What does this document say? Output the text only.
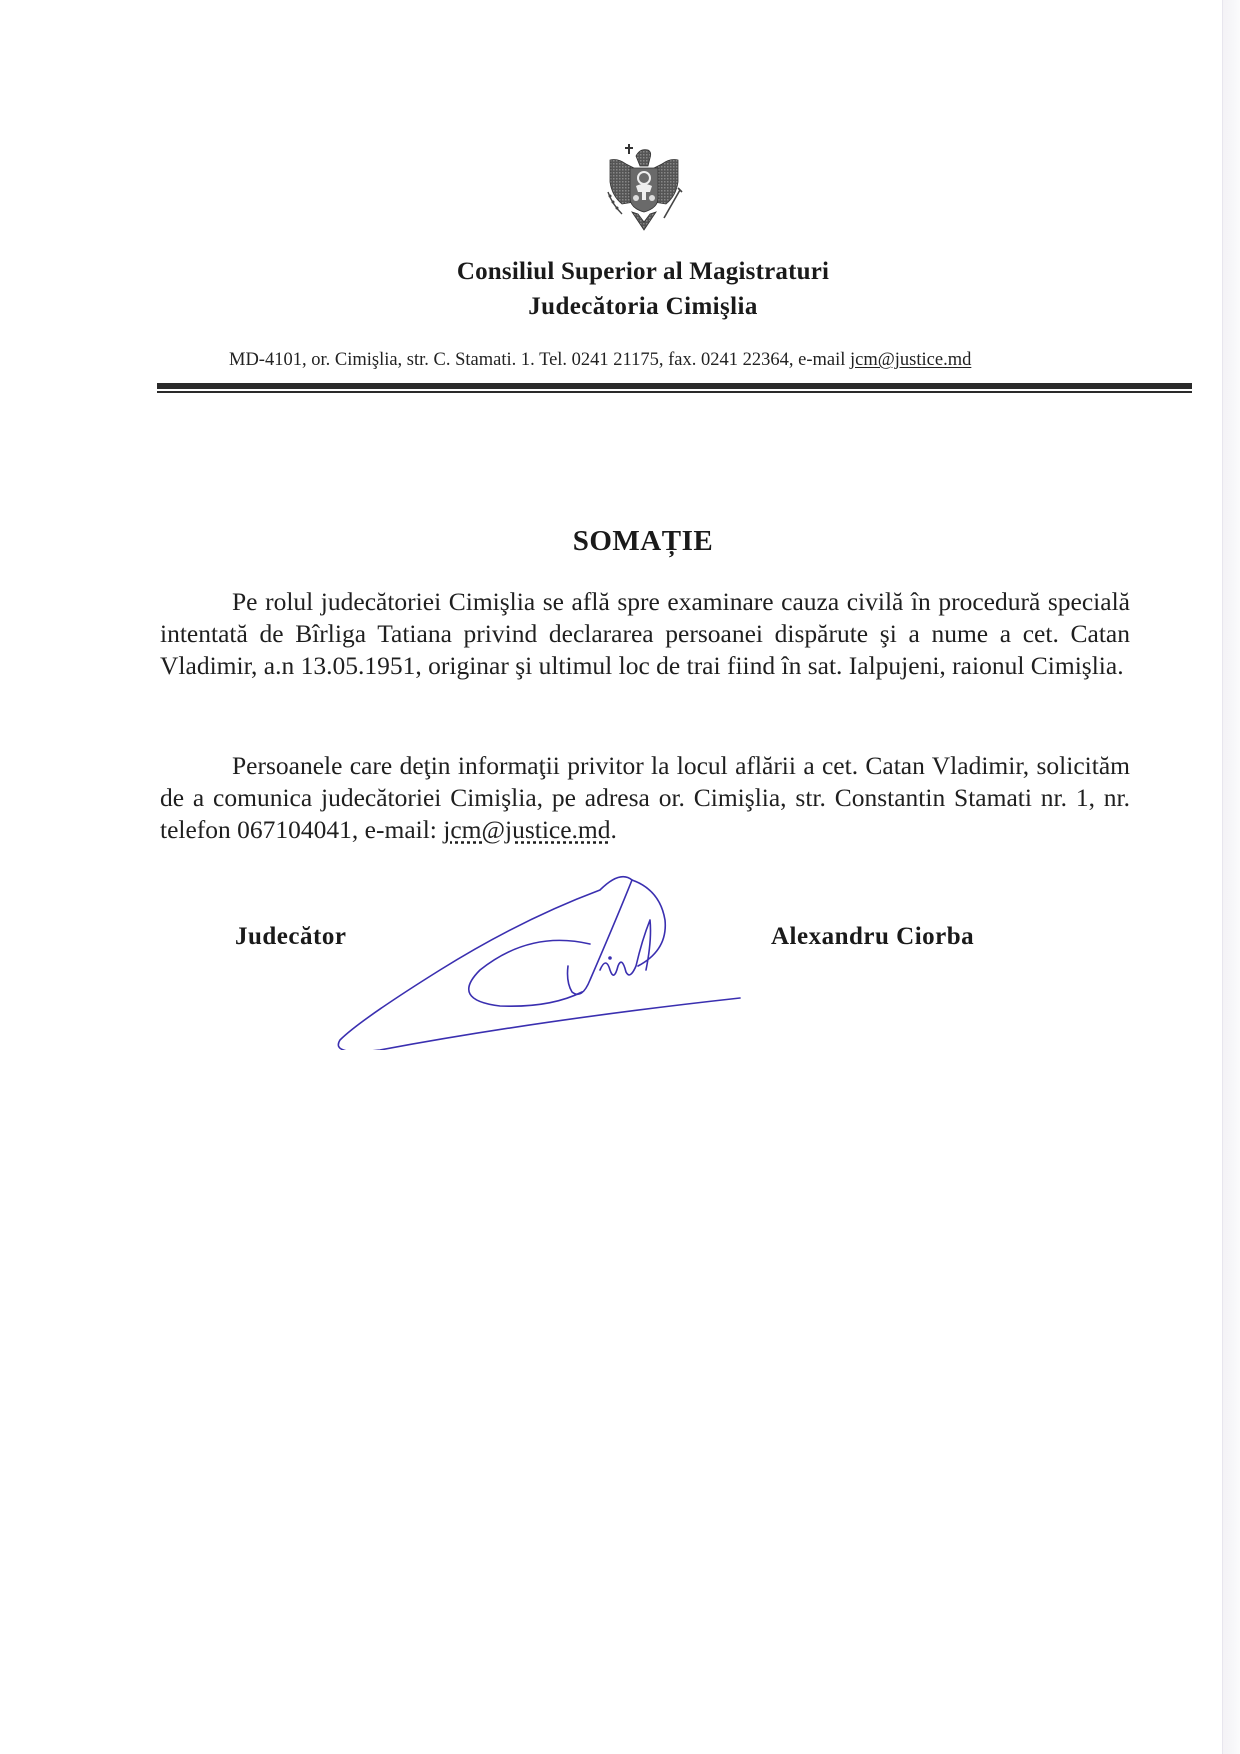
Consiliul Superior al Magistraturi
Judecătoria Cimişlia
MD-4101, or. Cimişlia, str. C. Stamati. 1. Tel. 0241 21175, fax. 0241 22364, e-mail jcm@justice.md
SOMAȚIE

Pe rolul judecătoriei Cimişlia se află spre examinare cauza civilă în procedură specială intentată de Bîrliga Tatiana privind declararea persoanei dispărute şi a nume a cet. Catan Vladimir, a.n 13.05.1951, originar şi ultimul loc de trai fiind în sat. Ialpujeni, raionul Cimişlia.

Persoanele care deţin informaţii privitor la locul aflării a cet. Catan Vladimir, solicităm de a comunica judecătoriei Cimişlia, pe adresa or. Cimişlia, str. Constantin Stamati nr. 1, nr. telefon 067104041, e-mail: jcm@justice.md.

Judecător	Alexandru Ciorba
